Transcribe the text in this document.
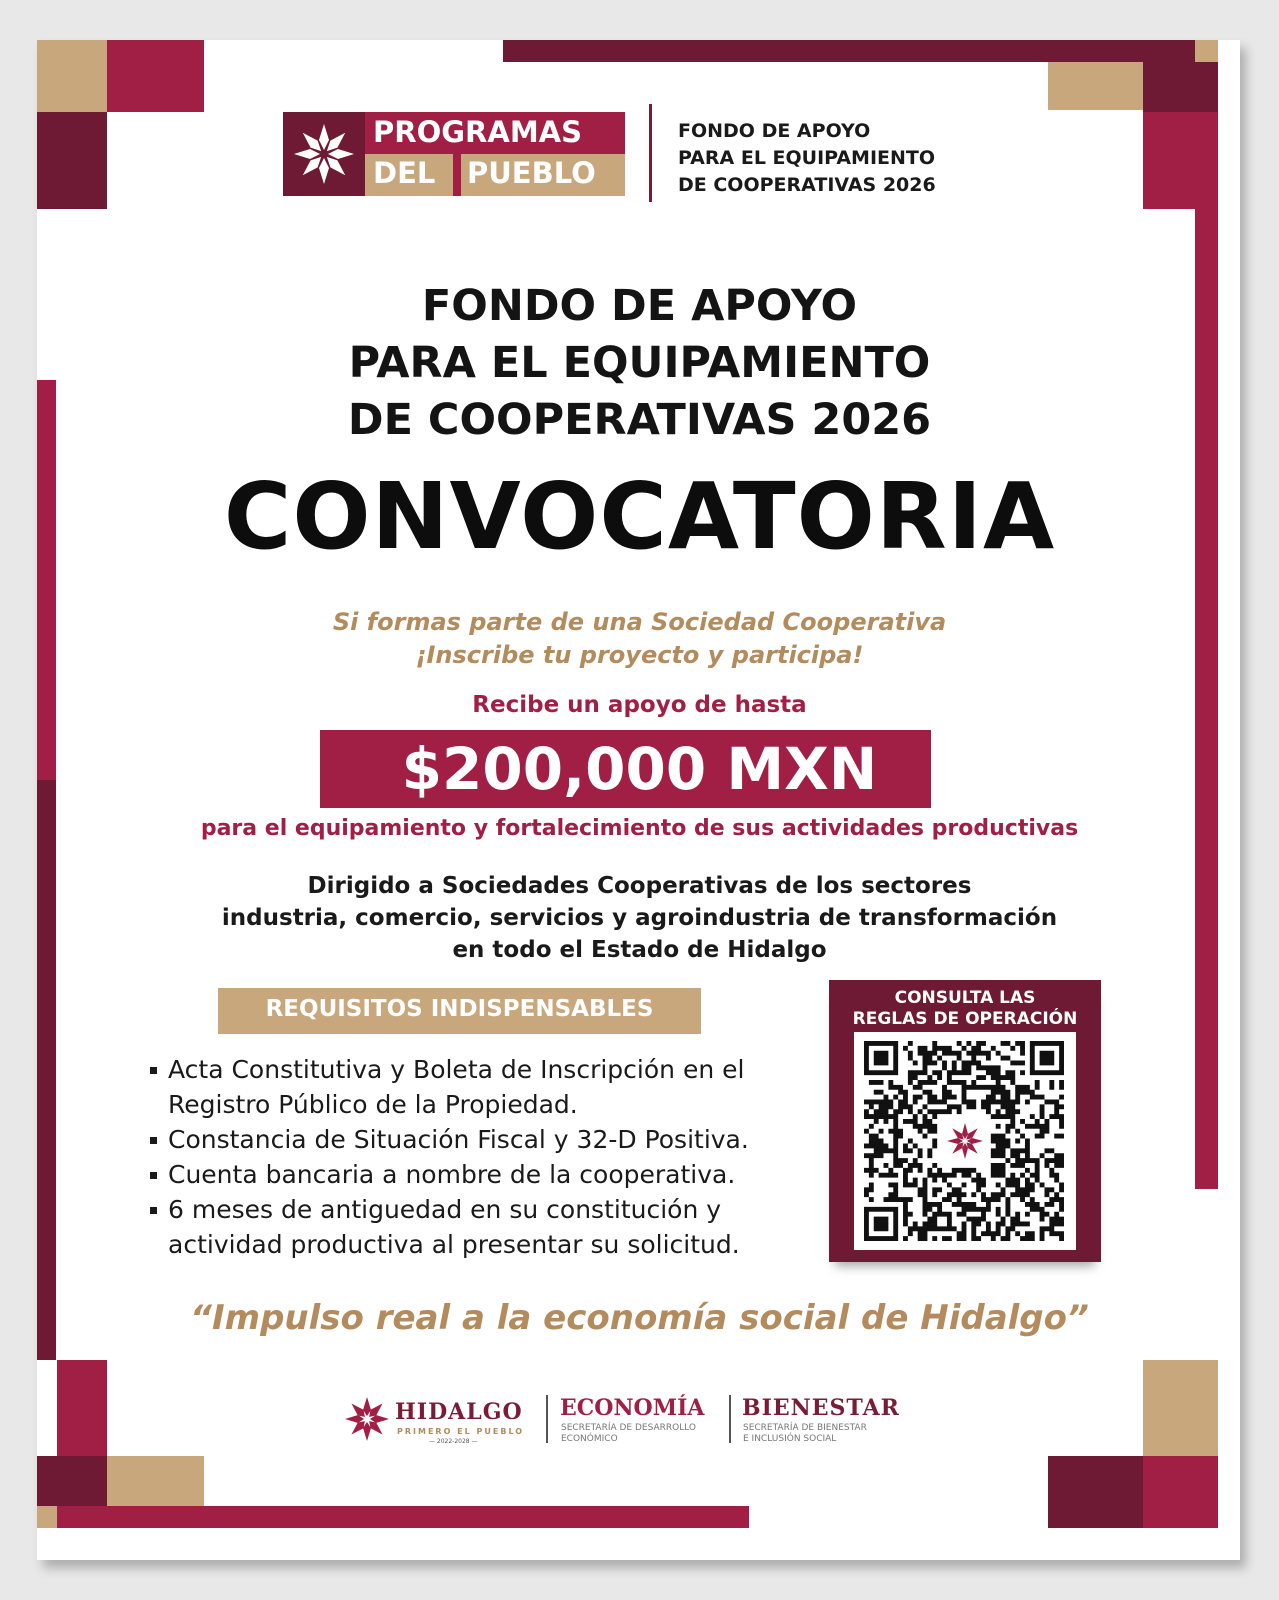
PROGRAMAS
DEL PUEBLO
FONDO DE APOYO
PARA EL EQUIPAMIENTO
DE COOPERATIVAS 2026
FONDO DE APOYO
PARA EL EQUIPAMIENTO
DE COOPERATIVAS 2026
CONVOCATORIA
Si formas parte de una Sociedad Cooperativa
¡Inscribe tu proyecto y participa!
Recibe un apoyo de hasta
$200,000 MXN
para el equipamiento y fortalecimiento de sus actividades productivas
Dirigido a Sociedades Cooperativas de los sectores
industria, comercio, servicios y agroindustria de transformación
en todo el Estado de Hidalgo
REQUISITOS INDISPENSABLES
Acta Constitutiva y Boleta de Inscripción en el
Registro Público de la Propiedad.
Constancia de Situación Fiscal y 32-D Positiva.
Cuenta bancaria a nombre de la cooperativa.
6 meses de antiguedad en su constitución y
actividad productiva al presentar su solicitud.
CONSULTA LAS
REGLAS DE OPERACIÓN
“Impulso real a la economía social de Hidalgo”
HIDALGO
PRIMERO EL PUEBLO
— 2022-2028 —
ECONOMÍA
SECRETARÍA DE DESARROLLO
ECONÓMICO
BIENESTAR
SECRETARÍA DE BIENESTAR
E INCLUSIÓN SOCIAL
